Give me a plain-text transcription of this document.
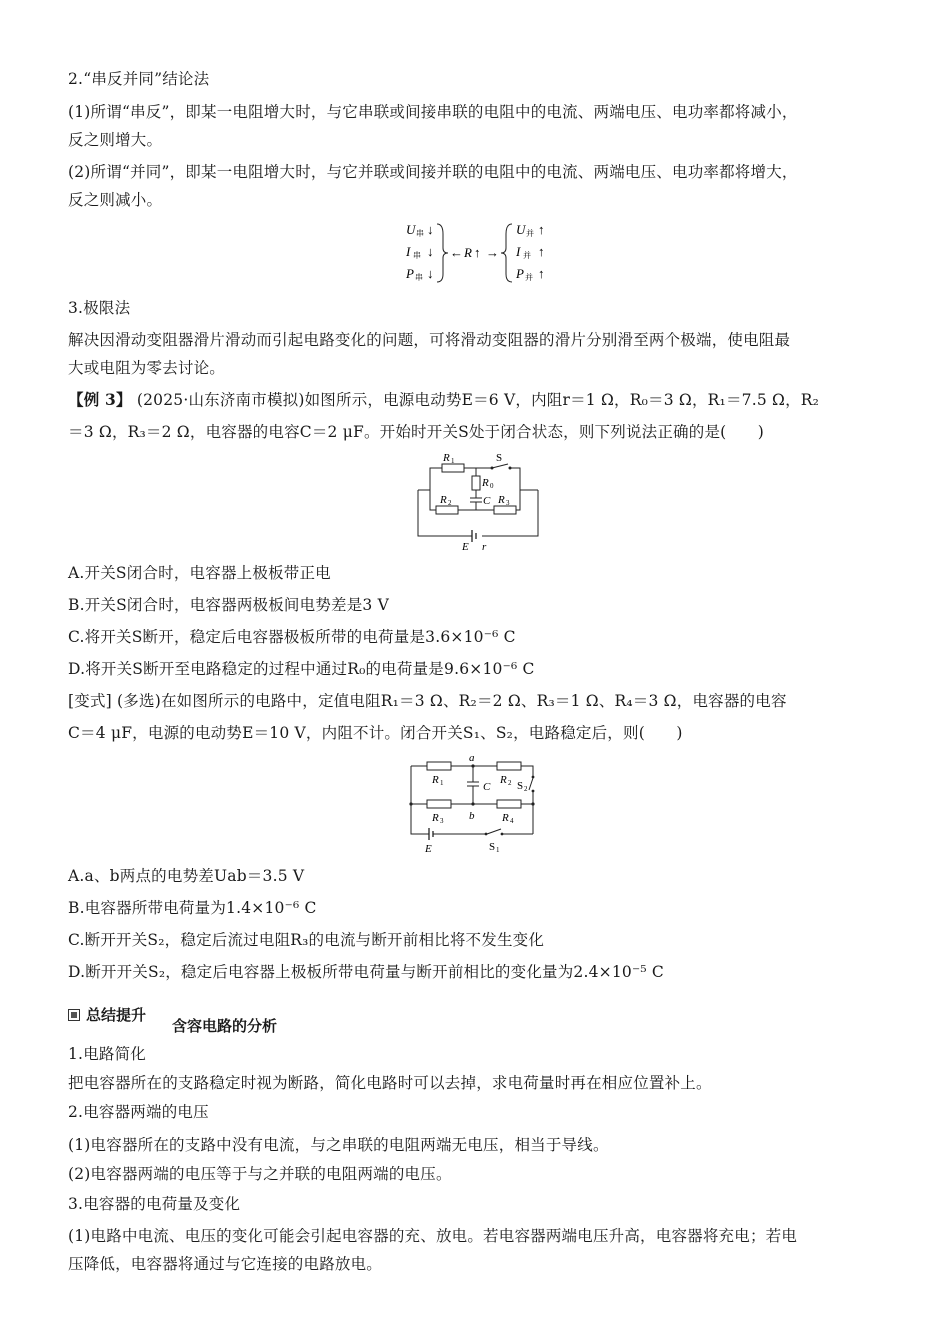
2.“串反并同”结论法
(1)所谓“串反”，即某一电阻增大时，与它串联或间接串联的电阻中的电流、两端电压、电功率都将减小，
反之则增大。
(2)所谓“并同”，即某一电阻增大时，与它并联或间接并联的电阻中的电流、两端电压、电功率都将增大，
反之则减小。
U 串 ↓
I 串 ↓
P 串 ↓
← R ↑ →
U 并 ↑
I 并 ↑
P 并 ↑
3.极限法
解决因滑动变阻器滑片滑动而引起电路变化的问题，可将滑动变阻器的滑片分别滑至两个极端，使电阻最
大或电阻为零去讨论。
【例 3】 (2025·山东济南市模拟)如图所示，电源电动势E＝6 V，内阻r＝1 Ω，R₀＝3 Ω，R₁＝7.5 Ω，R₂
＝3 Ω，R₃＝2 Ω，电容器的电容C＝2 μF。开始时开关S处于闭合状态，则下列说法正确的是(　　)
R 1	S
R 0
C
R 2	R 3
E r
A.开关S闭合时，电容器上极板带正电
B.开关S闭合时，电容器两极板间电势差是3 V
C.将开关S断开，稳定后电容器极板所带的电荷量是3.6×10⁻⁶ C
D.将开关S断开至电路稳定的过程中通过R₀的电荷量是9.6×10⁻⁶ C
[变式] (多选)在如图所示的电路中，定值电阻R₁＝3 Ω、R₂＝2 Ω、R₃＝1 Ω、R₄＝3 Ω，电容器的电容
C＝4 μF，电源的电动势E＝10 V，内阻不计。闭合开关S₁、S₂，电路稳定后，则(　　)
a
b
R 1	R 2
C S 2
R 3	R 4
E	S 1
A.a、b两点的电势差Uab＝3.5 V
B.电容器所带电荷量为1.4×10⁻⁶ C
C.断开开关S₂，稳定后流过电阻R₃的电流与断开前相比将不发生变化
D.断开开关S₂，稳定后电容器上极板所带电荷量与断开前相比的变化量为2.4×10⁻⁵ C
总结提升
含容电路的分析
1.电路简化
把电容器所在的支路稳定时视为断路，简化电路时可以去掉，求电荷量时再在相应位置补上。
2.电容器两端的电压
(1)电容器所在的支路中没有电流，与之串联的电阻两端无电压，相当于导线。
(2)电容器两端的电压等于与之并联的电阻两端的电压。
3.电容器的电荷量及变化
(1)电路中电流、电压的变化可能会引起电容器的充、放电。若电容器两端电压升高，电容器将充电；若电
压降低，电容器将通过与它连接的电路放电。
